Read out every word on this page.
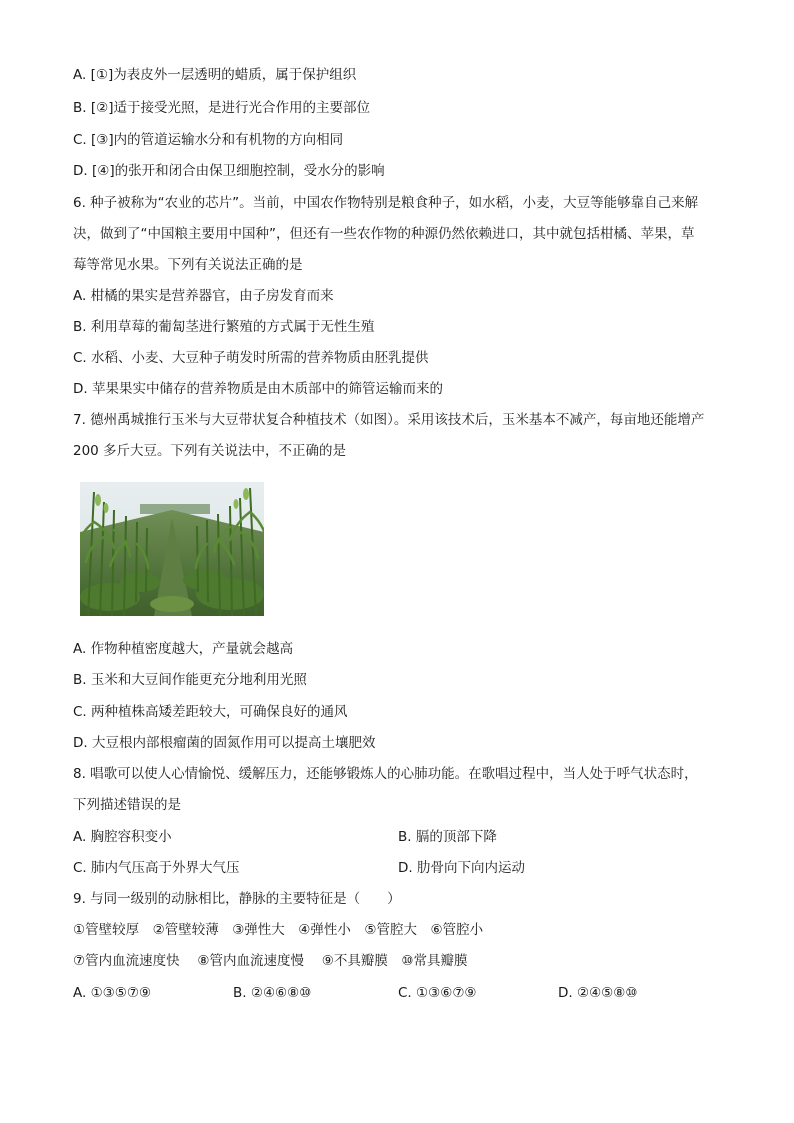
A. [①]为表皮外一层透明的蜡质，属于保护组织
B. [②]适于接受光照，是进行光合作用的主要部位
C. [③]内的管道运输水分和有机物的方向相同
D. [④]的张开和闭合由保卫细胞控制，受水分的影响
6. 种子被称为“农业的芯片”。当前，中国农作物特别是粮食种子，如水稻，小麦，大豆等能够靠自己来解
决，做到了“中国粮主要用中国种”，但还有一些农作物的种源仍然依赖进口，其中就包括柑橘、苹果，草
莓等常见水果。下列有关说法正确的是
A. 柑橘的果实是营养器官，由子房发育而来
B. 利用草莓的葡匐茎进行繁殖的方式属于无性生殖
C. 水稻、小麦、大豆种子萌发时所需的营养物质由胚乳提供
D. 苹果果实中储存的营养物质是由木质部中的筛管运输而来的
7. 德州禹城推行玉米与大豆带状复合种植技术（如图）。采用该技术后，玉米基本不减产，每亩地还能增产
200 多斤大豆。下列有关说法中，不正确的是
A. 作物种植密度越大，产量就会越高
B. 玉米和大豆间作能更充分地利用光照
C. 两种植株高矮差距较大，可确保良好的通风
D. 大豆根内部根瘤菌的固氮作用可以提高土壤肥效
8. 唱歌可以使人心情愉悦、缓解压力，还能够锻炼人的心肺功能。在歌唱过程中，当人处于呼气状态时，
下列描述错误的是
A. 胸腔容积变小	B. 膈的顶部下降
C. 肺内气压高于外界大气压	D. 肋骨向下向内运动
9. 与同一级别的动脉相比，静脉的主要特征是（　　）
①管壁较厚　②管壁较薄　③弹性大　④弹性小　⑤管腔大　⑥管腔小
⑦管内血流速度快　 ⑧管内血流速度慢　 ⑨不具瓣膜　⑩常具瓣膜
A. ①③⑤⑦⑨	B. ②④⑥⑧⑩	C. ①③⑥⑦⑨	D. ②④⑤⑧⑩
